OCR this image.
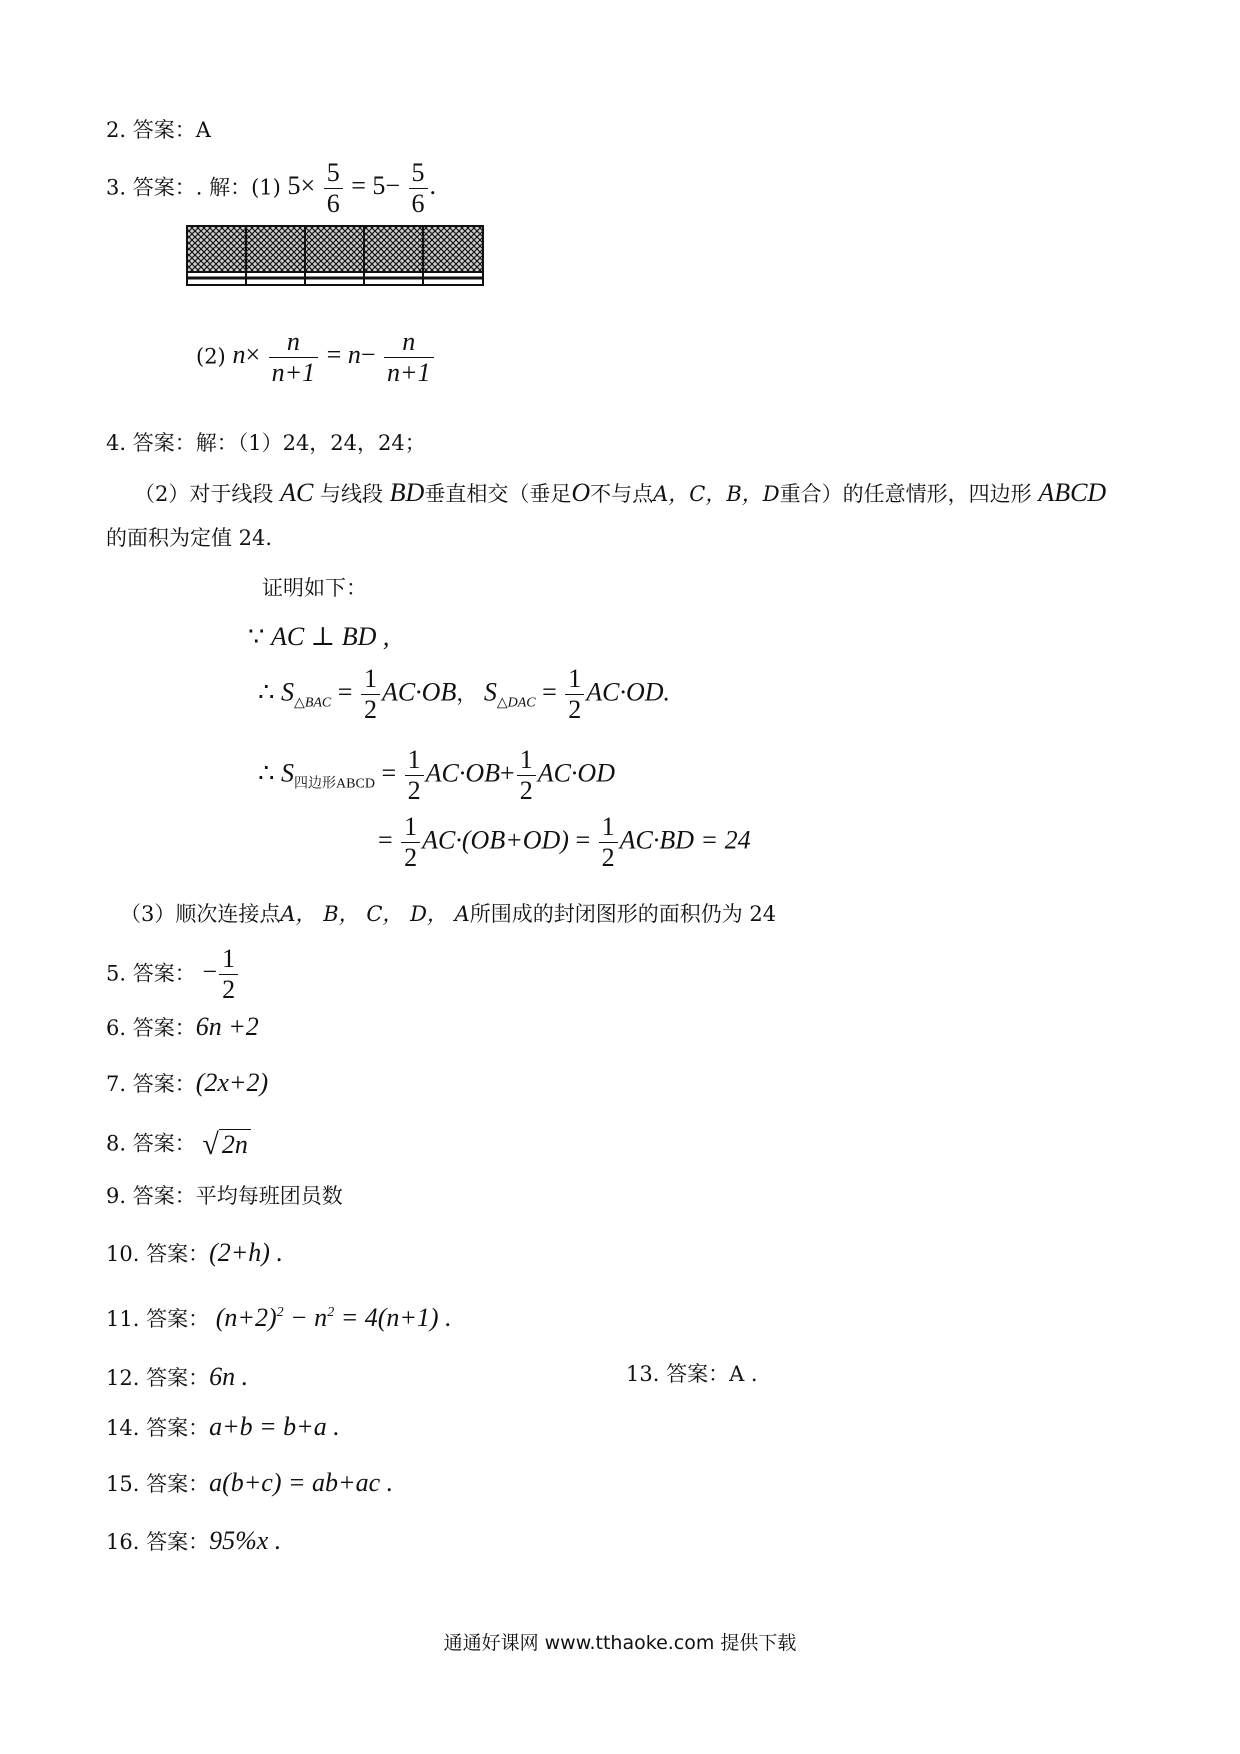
2. 答案：A
3. 答案：. 解：(1) $5\times \frac{5}{6} = 5- \frac{5}{6}$ .
(2) $n\times \frac{n}{n+1} = n- \frac{n}{n+1}$
4. 答案：解：（1）24，24，24；
（2）对于线段 AC 与线段 BD垂直相交（垂足O不与点A，C，B，D重合）的任意情形，四边形 ABCD
的面积为定值 24.
证明如下：
∵ AC ⊥ BD ,
∴ $S_{\triangle BAC} = \frac{1}{2} AC\cdot OB$， $S_{\triangle DAC} = \frac{1}{2} AC\cdot OD$.
∴ $S_{四边形ABCD} = \frac{1}{2} AC\cdot OB+ \frac{1}{2} AC\cdot OD$
= $\frac{1}{2} AC\cdot(OB+OD) = \frac{1}{2} AC\cdot BD = 24$
（3）顺次连接点A， B， C， D， A所围成的封闭图形的面积仍为 24
5. 答案： − $\frac{1}{2}$
6. 答案：6n +2
7. 答案：(2x+2)
8. 答案： √ 2n
9. 答案：平均每班团员数
10. 答案：(2+h) .
11. 答案： $(n+2)^2 - n^2 = 4(n+1)$ .
12. 答案：6n .	13. 答案：A .
14. 答案：a+b = b+a .
15. 答案：a(b+c) = ab+ac .
16. 答案：95%x .
通通好课网 www.tthaoke.com 提供下载
